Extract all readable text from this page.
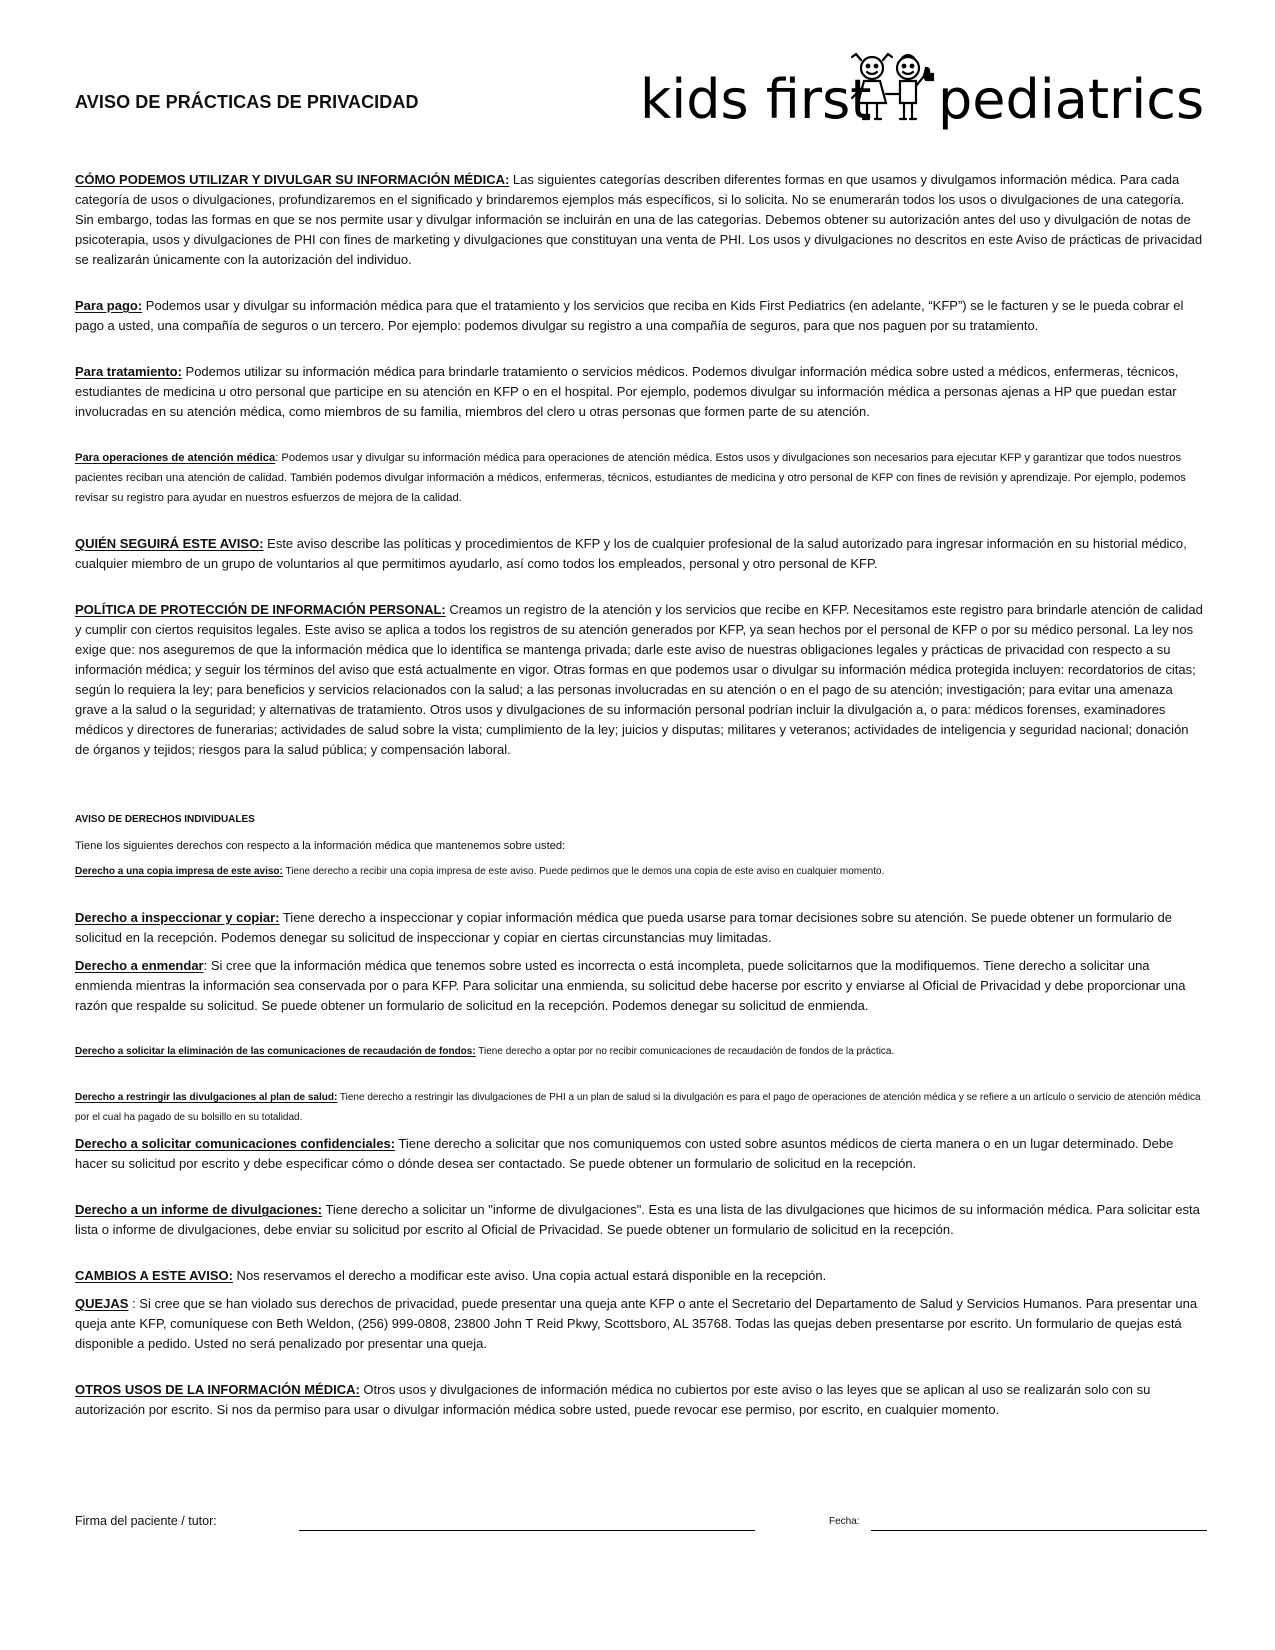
AVISO DE PRÁCTICAS DE PRIVACIDAD	kids first pediatrics

CÓMO PODEMOS UTILIZAR Y DIVULGAR SU INFORMACIÓN MÉDICA: Las siguientes categorías describen diferentes formas en que usamos y divulgamos información médica. Para cada categoría de usos o divulgaciones, profundizaremos en el significado y brindaremos ejemplos más específicos, si lo solicita. No se enumerarán todos los usos o divulgaciones de una categoría. Sin embargo, todas las formas en que se nos permite usar y divulgar información se incluirán en una de las categorías. Debemos obtener su autorización antes del uso y divulgación de notas de psicoterapia, usos y divulgaciones de PHI con fines de marketing y divulgaciones que constituyan una venta de PHI. Los usos y divulgaciones no descritos en este Aviso de prácticas de privacidad se realizarán únicamente con la autorización del individuo.

Para pago: Podemos usar y divulgar su información médica para que el tratamiento y los servicios que reciba en Kids First Pediatrics (en adelante, “KFP”) se le facturen y se le pueda cobrar el pago a usted, una compañía de seguros o un tercero. Por ejemplo: podemos divulgar su registro a una compañía de seguros, para que nos paguen por su tratamiento.

Para tratamiento: Podemos utilizar su información médica para brindarle tratamiento o servicios médicos. Podemos divulgar información médica sobre usted a médicos, enfermeras, técnicos, estudiantes de medicina u otro personal que participe en su atención en KFP o en el hospital. Por ejemplo, podemos divulgar su información médica a personas ajenas a HP que puedan estar involucradas en su atención médica, como miembros de su familia, miembros del clero u otras personas que formen parte de su atención.

Para operaciones de atención médica: Podemos usar y divulgar su información médica para operaciones de atención médica. Estos usos y divulgaciones son necesarios para ejecutar KFP y garantizar que todos nuestros pacientes reciban una atención de calidad. También podemos divulgar información a médicos, enfermeras, técnicos, estudiantes de medicina y otro personal de KFP con fines de revisión y aprendizaje. Por ejemplo, podemos revisar su registro para ayudar en nuestros esfuerzos de mejora de la calidad.

QUIÉN SEGUIRÁ ESTE AVISO: Este aviso describe las políticas y procedimientos de KFP y los de cualquier profesional de la salud autorizado para ingresar información en su historial médico, cualquier miembro de un grupo de voluntarios al que permitimos ayudarlo, así como todos los empleados, personal y otro personal de KFP.

POLÍTICA DE PROTECCIÓN DE INFORMACIÓN PERSONAL: Creamos un registro de la atención y los servicios que recibe en KFP. Necesitamos este registro para brindarle atención de calidad y cumplir con ciertos requisitos legales. Este aviso se aplica a todos los registros de su atención generados por KFP, ya sean hechos por el personal de KFP o por su médico personal. La ley nos exige que: nos aseguremos de que la información médica que lo identifica se mantenga privada; darle este aviso de nuestras obligaciones legales y prácticas de privacidad con respecto a su información médica; y seguir los términos del aviso que está actualmente en vigor. Otras formas en que podemos usar o divulgar su información médica protegida incluyen: recordatorios de citas; según lo requiera la ley; para beneficios y servicios relacionados con la salud; a las personas involucradas en su atención o en el pago de su atención; investigación; para evitar una amenaza grave a la salud o la seguridad; y alternativas de tratamiento. Otros usos y divulgaciones de su información personal podrían incluir la divulgación a, o para: médicos forenses, examinadores médicos y directores de funerarias; actividades de salud sobre la vista; cumplimiento de la ley; juicios y disputas; militares y veteranos; actividades de inteligencia y seguridad nacional; donación de órganos y tejidos; riesgos para la salud pública; y compensación laboral.

AVISO DE DERECHOS INDIVIDUALES

Tiene los siguientes derechos con respecto a la información médica que mantenemos sobre usted:

Derecho a una copia impresa de este aviso: Tiene derecho a recibir una copia impresa de este aviso. Puede pedirnos que le demos una copia de este aviso en cualquier momento.

Derecho a inspeccionar y copiar: Tiene derecho a inspeccionar y copiar información médica que pueda usarse para tomar decisiones sobre su atención. Se puede obtener un formulario de solicitud en la recepción. Podemos denegar su solicitud de inspeccionar y copiar en ciertas circunstancias muy limitadas.

Derecho a enmendar: Si cree que la información médica que tenemos sobre usted es incorrecta o está incompleta, puede solicitarnos que la modifiquemos. Tiene derecho a solicitar una enmienda mientras la información sea conservada por o para KFP. Para solicitar una enmienda, su solicitud debe hacerse por escrito y enviarse al Oficial de Privacidad y debe proporcionar una razón que respalde su solicitud. Se puede obtener un formulario de solicitud en la recepción. Podemos denegar su solicitud de enmienda.

Derecho a solicitar la eliminación de las comunicaciones de recaudación de fondos: Tiene derecho a optar por no recibir comunicaciones de recaudación de fondos de la práctica.

Derecho a restringir las divulgaciones al plan de salud: Tiene derecho a restringir las divulgaciones de PHI a un plan de salud si la divulgación es para el pago de operaciones de atención médica y se refiere a un artículo o servicio de atención médica por el cual ha pagado de su bolsillo en su totalidad.

Derecho a solicitar comunicaciones confidenciales: Tiene derecho a solicitar que nos comuniquemos con usted sobre asuntos médicos de cierta manera o en un lugar determinado. Debe hacer su solicitud por escrito y debe especificar cómo o dónde desea ser contactado. Se puede obtener un formulario de solicitud en la recepción.

Derecho a un informe de divulgaciones: Tiene derecho a solicitar un "informe de divulgaciones". Esta es una lista de las divulgaciones que hicimos de su información médica. Para solicitar esta lista o informe de divulgaciones, debe enviar su solicitud por escrito al Oficial de Privacidad. Se puede obtener un formulario de solicitud en la recepción.

CAMBIOS A ESTE AVISO: Nos reservamos el derecho a modificar este aviso. Una copia actual estará disponible en la recepción.

QUEJAS : Si cree que se han violado sus derechos de privacidad, puede presentar una queja ante KFP o ante el Secretario del Departamento de Salud y Servicios Humanos. Para presentar una queja ante KFP, comuníquese con Beth Weldon, (256) 999-0808, 23800 John T Reid Pkwy, Scottsboro, AL 35768. Todas las quejas deben presentarse por escrito. Un formulario de quejas está disponible a pedido. Usted no será penalizado por presentar una queja.

OTROS USOS DE LA INFORMACIÓN MÉDICA: Otros usos y divulgaciones de información médica no cubiertos por este aviso o las leyes que se aplican al uso se realizarán solo con su autorización por escrito. Si nos da permiso para usar o divulgar información médica sobre usted, puede revocar ese permiso, por escrito, en cualquier momento.

Firma del paciente / tutor:	Fecha:
